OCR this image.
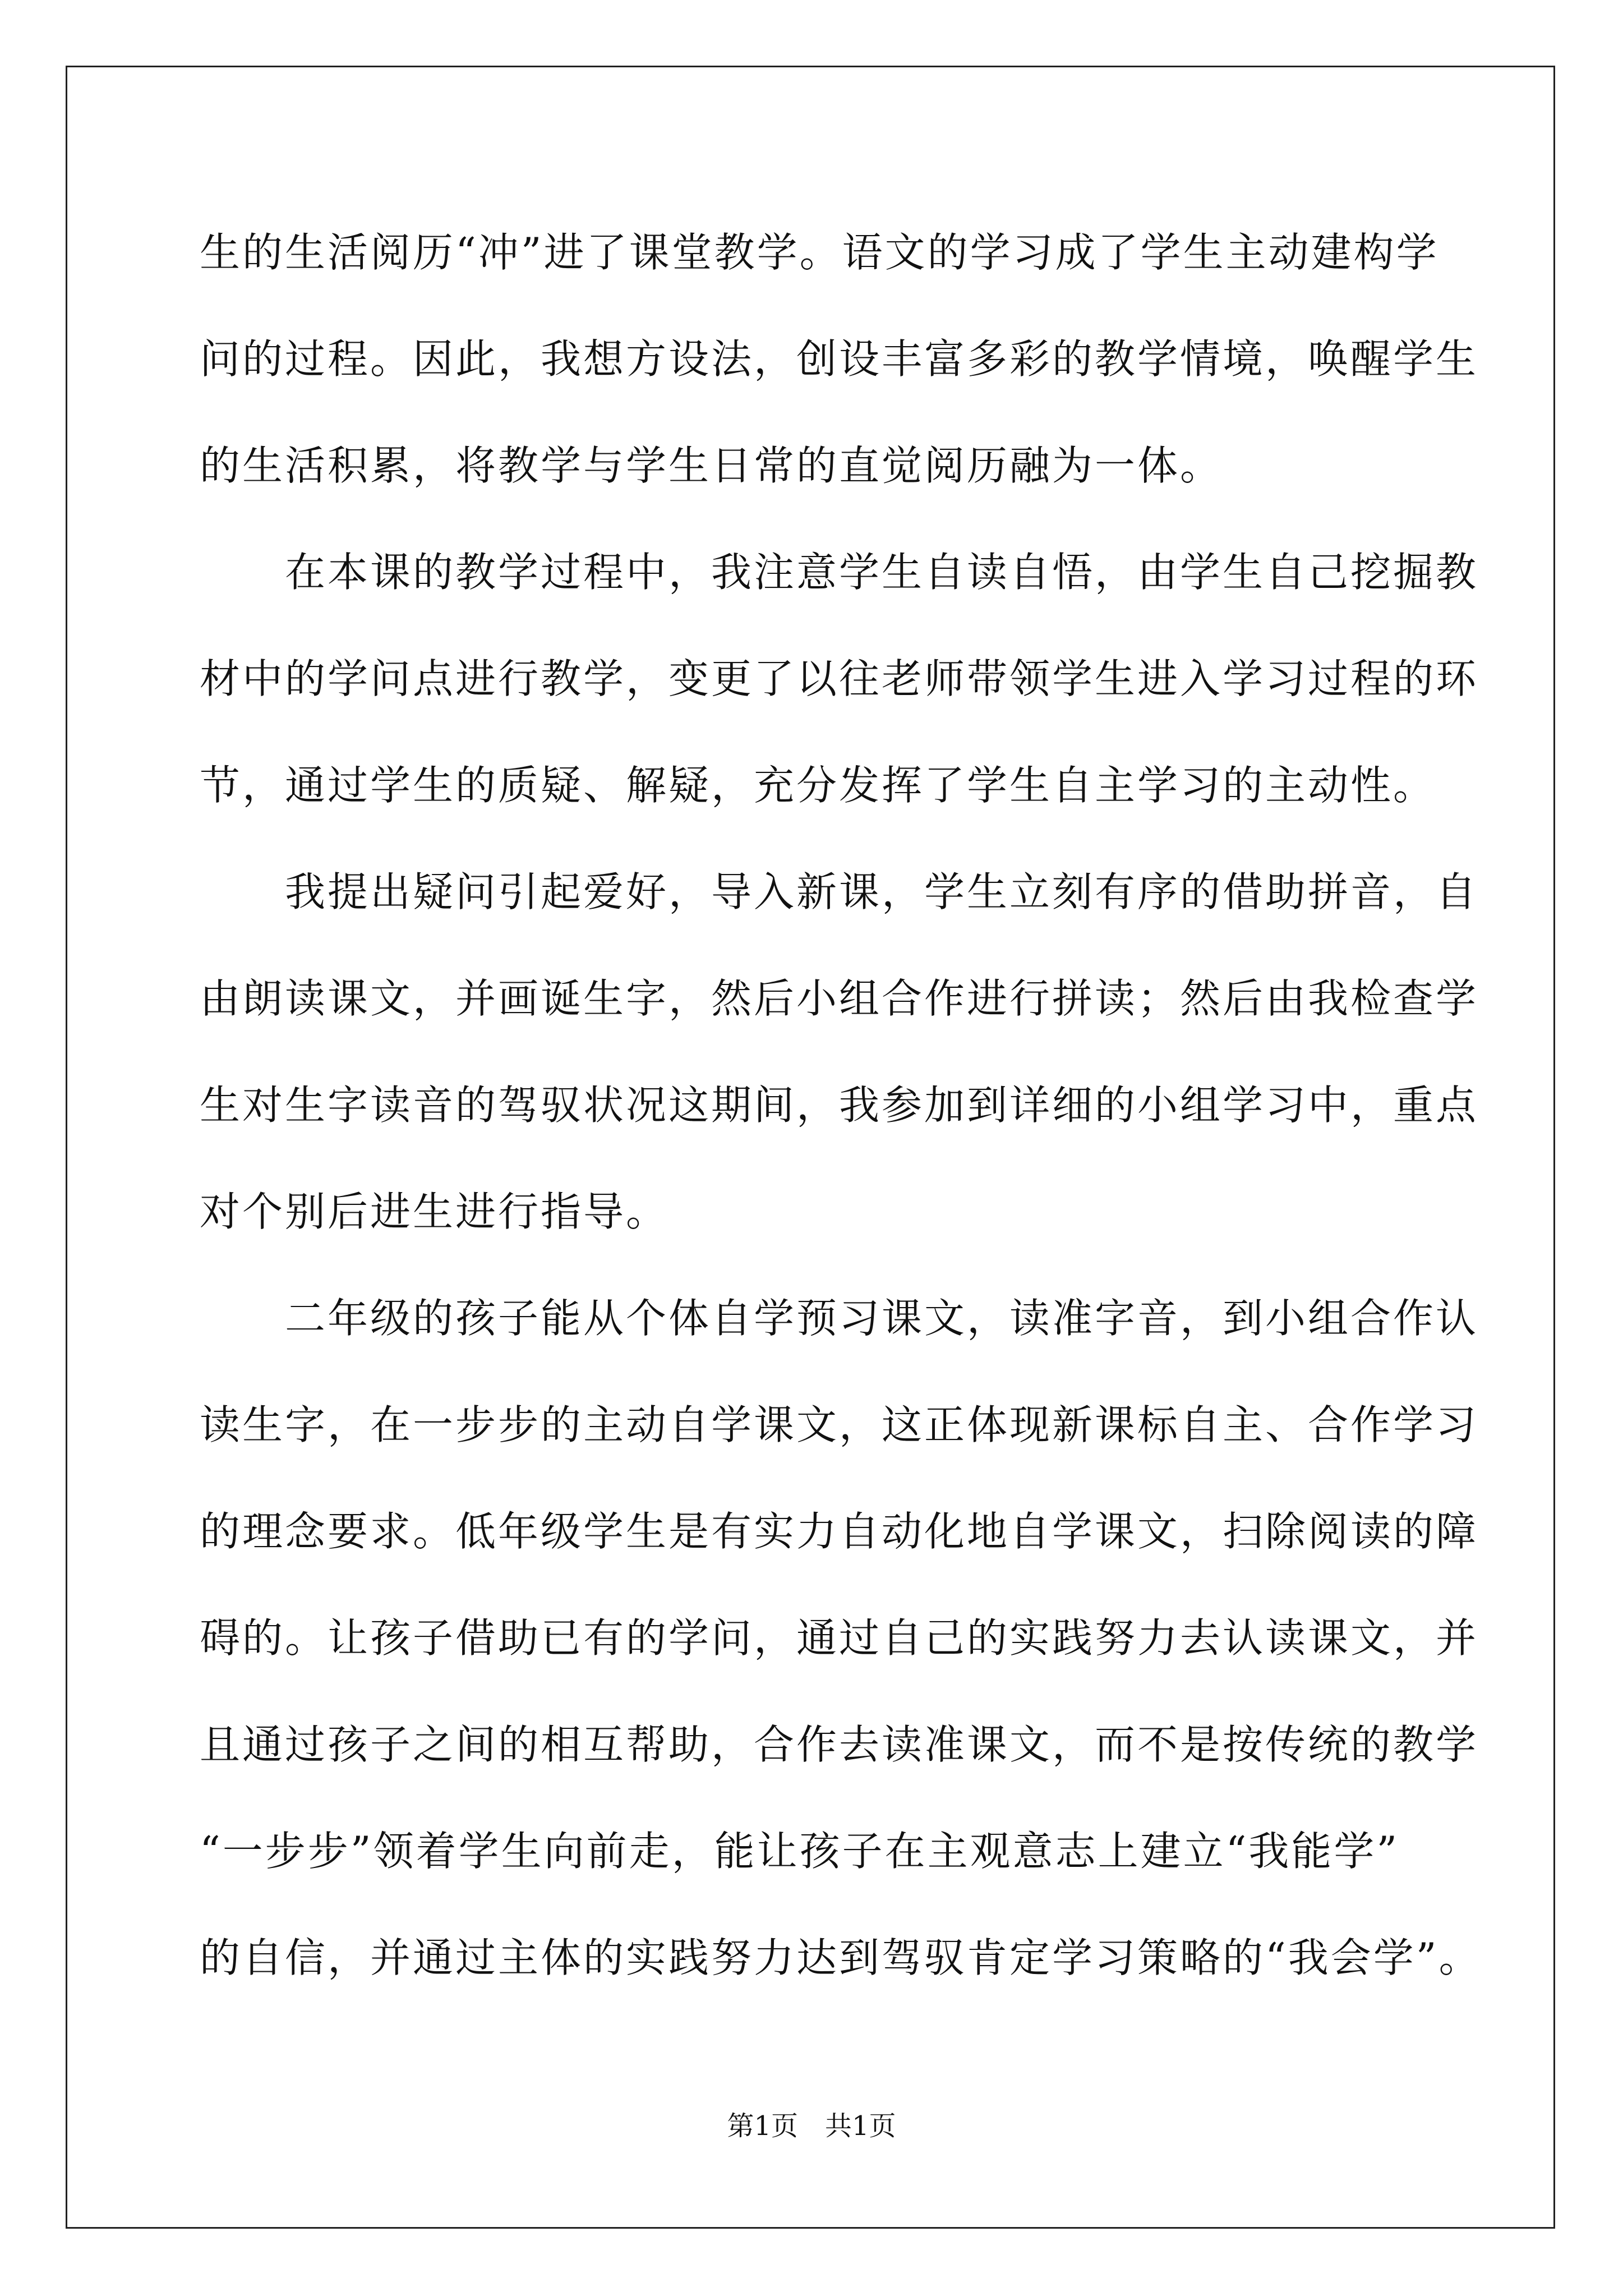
生的生活阅历“冲”进了课堂教学。语文的学习成了学生主动建构学
问的过程。因此，我想方设法，创设丰富多彩的教学情境，唤醒学生
的生活积累，将教学与学生日常的直觉阅历融为一体。
　　在本课的教学过程中，我注意学生自读自悟，由学生自己挖掘教
材中的学问点进行教学，变更了以往老师带领学生进入学习过程的环
节，通过学生的质疑、解疑，充分发挥了学生自主学习的主动性。
　　我提出疑问引起爱好，导入新课，学生立刻有序的借助拼音，自
由朗读课文，并画诞生字，然后小组合作进行拼读；然后由我检查学
生对生字读音的驾驭状况这期间，我参加到详细的小组学习中，重点
对个别后进生进行指导。
　　二年级的孩子能从个体自学预习课文，读准字音，到小组合作认
读生字，在一步步的主动自学课文，这正体现新课标自主、合作学习
的理念要求。低年级学生是有实力自动化地自学课文，扫除阅读的障
碍的。让孩子借助已有的学问，通过自己的实践努力去认读课文，并
且通过孩子之间的相互帮助，合作去读准课文，而不是按传统的教学
“一步步”领着学生向前走，能让孩子在主观意志上建立“我能学”
的自信，并通过主体的实践努力达到驾驭肯定学习策略的“我会学”。
第1页　共1页
